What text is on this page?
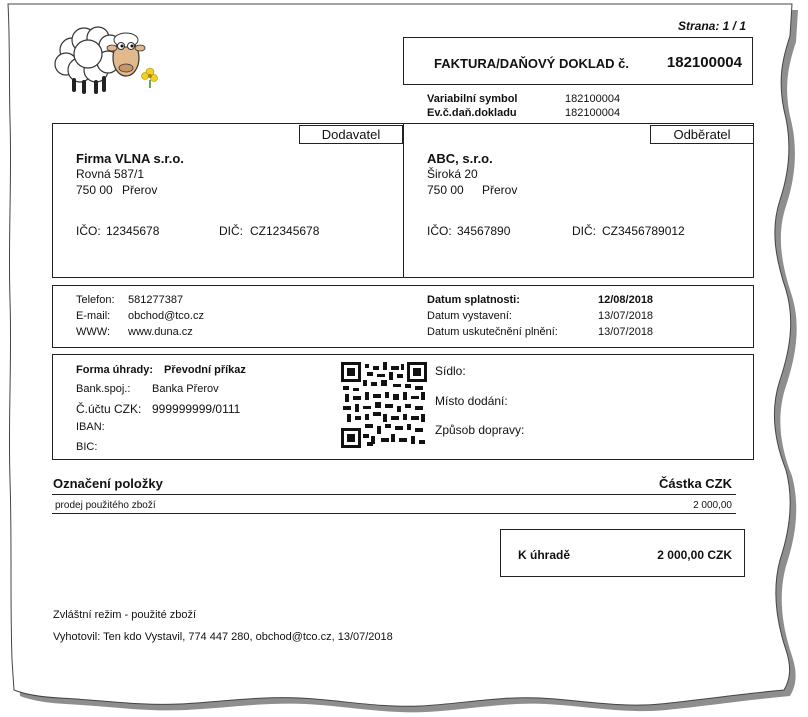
Strana: 1 / 1
FAKTURA/DAŇOVÝ DOKLAD č.	182100004
Variabilní symbol	182100004
Ev.č.daň.dokladu	182100004
Dodavatel	Odběratel
Firma VLNA s.r.o.
Rovná 587/1
750 00 Přerov
IČO: 12345678	DIČ: CZ12345678
ABC, s.r.o.
Široká 20
750 00 Přerov
IČO: 34567890	DIČ: CZ3456789012
Telefon: 581277387
E-mail: obchod@tco.cz
WWW: www.duna.cz
Datum splatnosti:	12/08/2018
Datum vystavení:	13/07/2018
Datum uskutečnění plnění:	13/07/2018
Forma úhrady: Převodní příkaz
Bank.spoj.: Banka Přerov
Č.účtu CZK: 999999999/0111
IBAN:
BIC:
Sídlo:
Místo dodání:
Způsob dopravy:
Označení položky	Částka CZK
prodej použitého zboží	2 000,00
K úhradě	2 000,00 CZK
Zvláštní režim - použité zboží
Vyhotovil: Ten kdo Vystavil, 774 447 280, obchod@tco.cz, 13/07/2018
